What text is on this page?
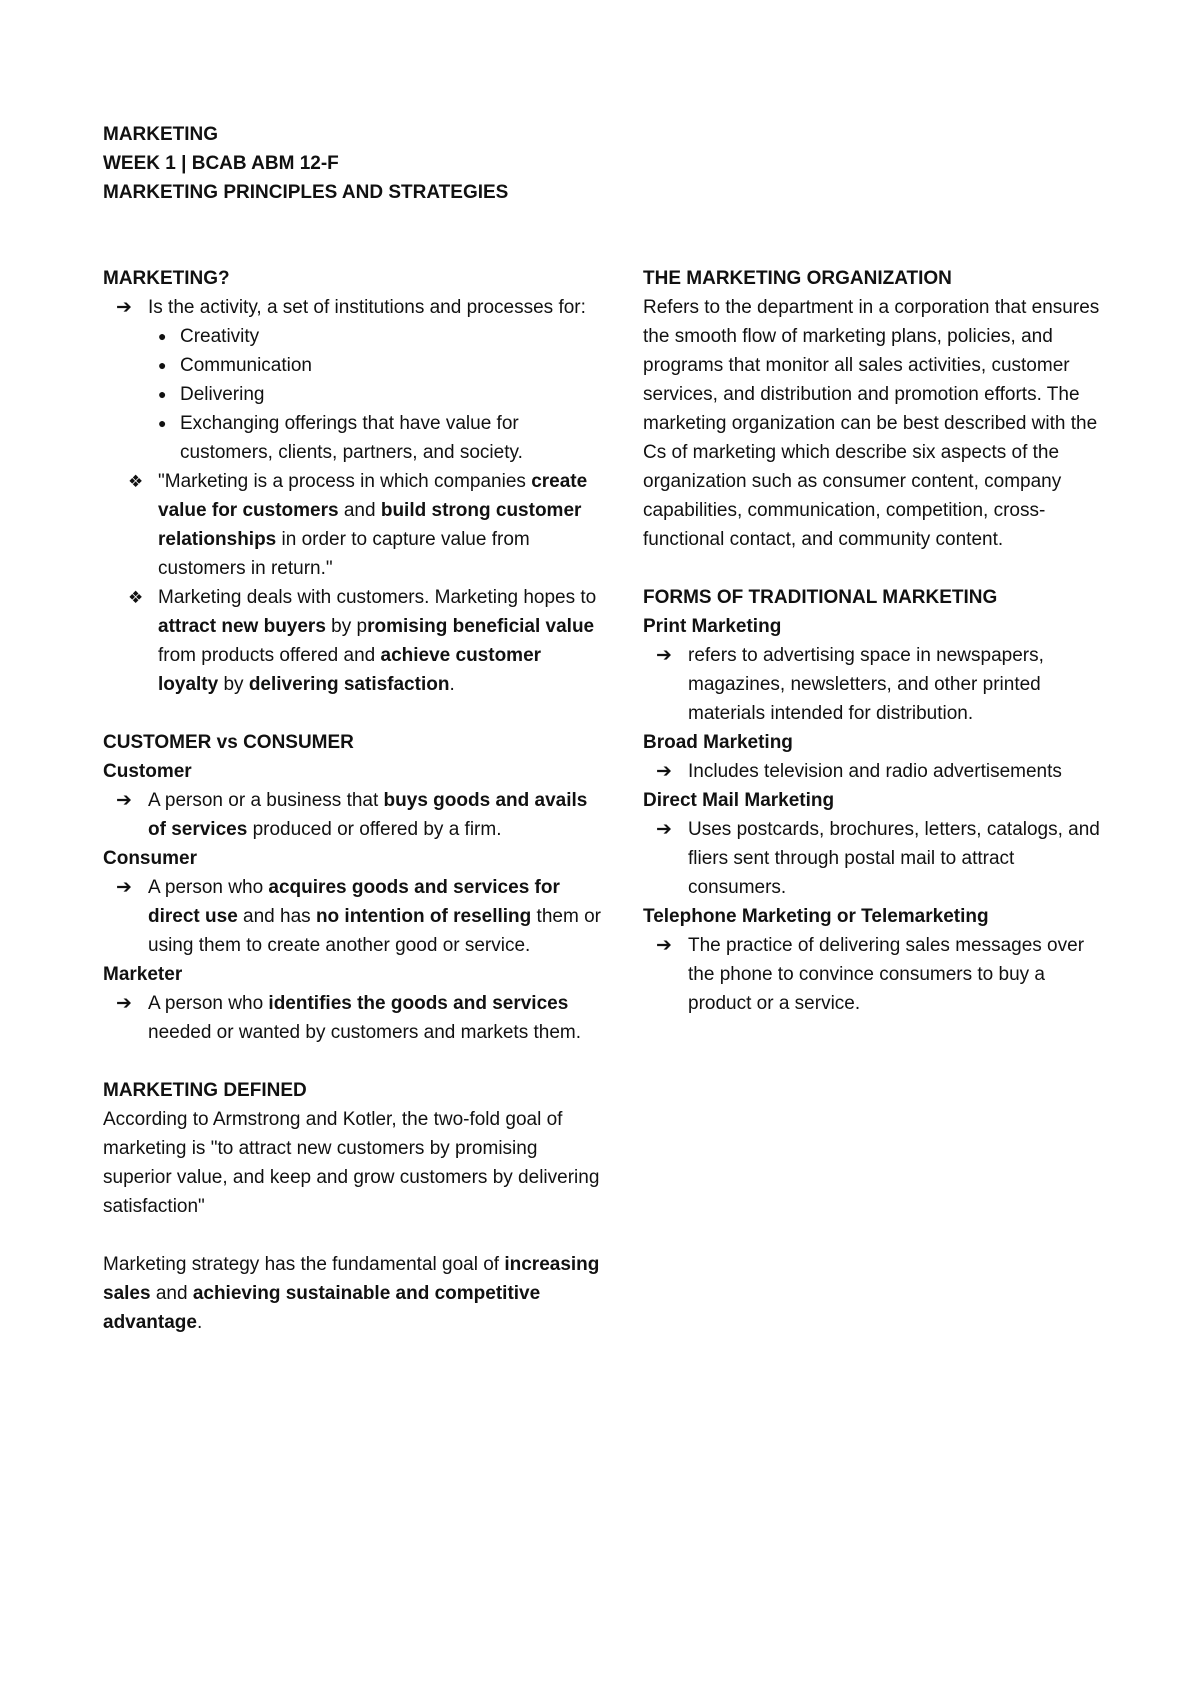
MARKETING
WEEK 1 | BCAB ABM 12-F
MARKETING PRINCIPLES AND STRATEGIES
MARKETING?
➔ Is the activity, a set of institutions and processes for:
● Creativity
● Communication
● Delivering
● Exchanging offerings that have value for customers, clients, partners, and society.
❖ "Marketing is a process in which companies create value for customers and build strong customer relationships in order to capture value from customers in return."
❖ Marketing deals with customers. Marketing hopes to attract new buyers by promising beneficial value from products offered and achieve customer loyalty by delivering satisfaction.
CUSTOMER vs CONSUMER
Customer
➔ A person or a business that buys goods and avails of services produced or offered by a firm.
Consumer
➔ A person who acquires goods and services for direct use and has no intention of reselling them or using them to create another good or service.
Marketer
➔ A person who identifies the goods and services needed or wanted by customers and markets them.
MARKETING DEFINED
According to Armstrong and Kotler, the two-fold goal of marketing is "to attract new customers by promising superior value, and keep and grow customers by delivering satisfaction"
Marketing strategy has the fundamental goal of increasing sales and achieving sustainable and competitive advantage.
THE MARKETING ORGANIZATION
Refers to the department in a corporation that ensures the smooth flow of marketing plans, policies, and programs that monitor all sales activities, customer services, and distribution and promotion efforts. The marketing organization can be best described with the Cs of marketing which describe six aspects of the organization such as consumer content, company capabilities, communication, competition, cross-functional contact, and community content.
FORMS OF TRADITIONAL MARKETING
Print Marketing
➔ refers to advertising space in newspapers, magazines, newsletters, and other printed materials intended for distribution.
Broad Marketing
➔ Includes television and radio advertisements
Direct Mail Marketing
➔ Uses postcards, brochures, letters, catalogs, and fliers sent through postal mail to attract consumers.
Telephone Marketing or Telemarketing
➔ The practice of delivering sales messages over the phone to convince consumers to buy a product or a service.
